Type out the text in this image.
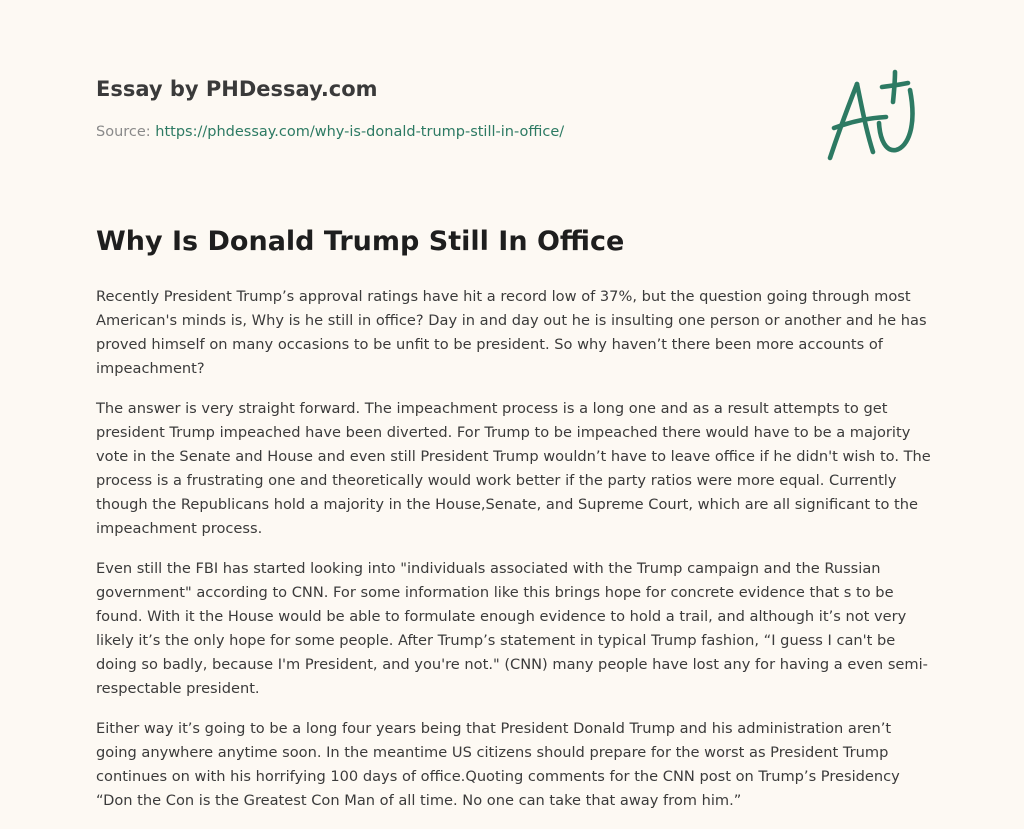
Essay by PHDessay.com
Source: https://phdessay.com/why-is-donald-trump-still-in-office/
Why Is Donald Trump Still In Office

Recently President Trump’s approval ratings have hit a record low of 37%, but the question going through most American's minds is, Why is he still in office? Day in and day out he is insulting one person or another and he has proved himself on many occasions to be unfit to be president. So why haven’t there been more accounts of impeachment?

The answer is very straight forward. The impeachment process is a long one and as a result attempts to get president Trump impeached have been diverted. For Trump to be impeached there would have to be a majority vote in the Senate and House and even still President Trump wouldn’t have to leave office if he didn't wish to. The process is a frustrating one and theoretically would work better if the party ratios were more equal. Currently though the Republicans hold a majority in the House,Senate, and Supreme Court, which are all significant to the impeachment process.

Even still the FBI has started looking into "individuals associated with the Trump campaign and the Russian government" according to CNN. For some information like this brings hope for concrete evidence that s to be found. With it the House would be able to formulate enough evidence to hold a trail, and although it’s not very likely it’s the only hope for some people. After Trump’s statement in typical Trump fashion, “I guess I can't be doing so badly, because I'm President, and you're not." (CNN) many people have lost any for having a even semi-respectable president.

Either way it’s going to be a long four years being that President Donald Trump and his administration aren’t going anywhere anytime soon. In the meantime US citizens should prepare for the worst as President Trump continues on with his horrifying 100 days of office.Quoting comments for the CNN post on Trump’s Presidency “Don the Con is the Greatest Con Man of all time. No one can take that away from him.”
